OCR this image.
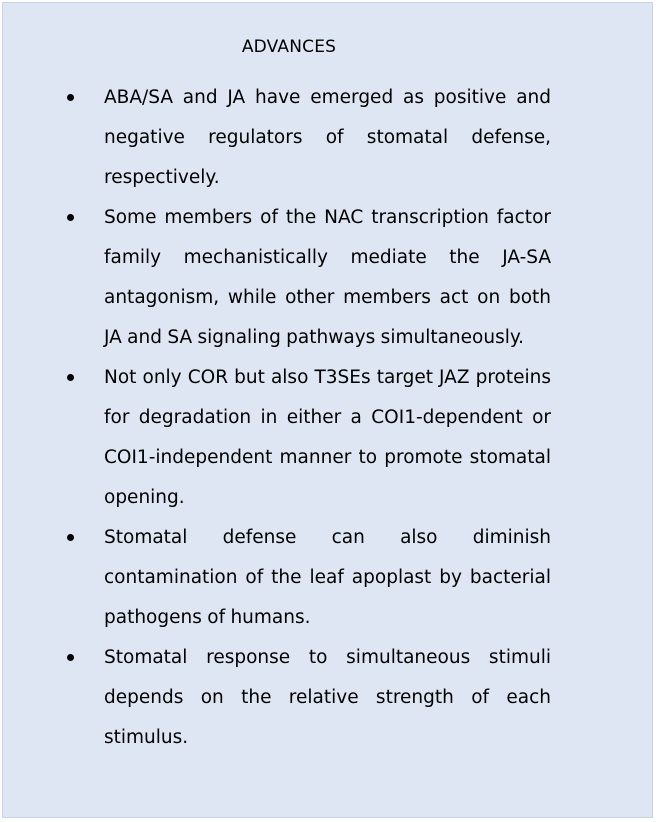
ADVANCES
ABA/SA and JA have emerged as positive and negative regulators of stomatal defense, respectively.
Some members of the NAC transcription factor family mechanistically mediate the JA-SA antagonism, while other members act on both JA and SA signaling pathways simultaneously.
Not only COR but also T3SEs target JAZ proteins for degradation in either a COI1-dependent or COI1-independent manner to promote stomatal opening.
Stomatal defense can also diminish contamination of the leaf apoplast by bacterial pathogens of humans.
Stomatal response to simultaneous stimuli depends on the relative strength of each stimulus.
